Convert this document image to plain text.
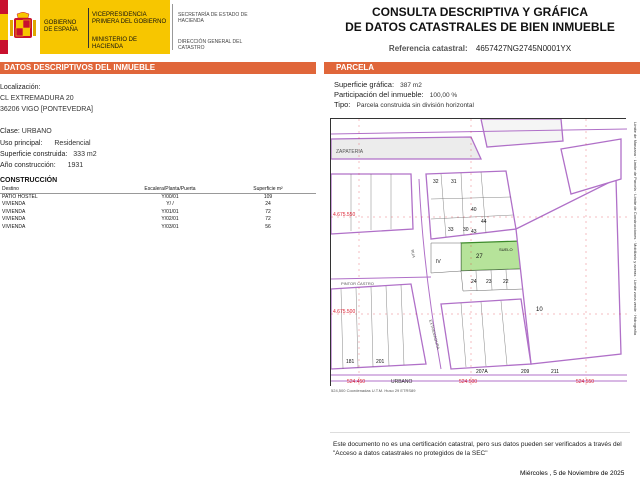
GOBIERNO DE ESPAÑA
VICEPRESIDENCIA PRIMERA DEL GOBIERNO
MINISTERIO DE HACIENDA
SECRETARÍA DE ESTADO DE HACIENDA
DIRECCIÓN GENERAL DEL CATASTRO
CONSULTA DESCRIPTIVA Y GRÁFICA
DE DATOS CATASTRALES DE BIEN INMUEBLE
Referencia catastral: 4657427NG2745N0001YX
DATOS DESCRIPTIVOS DEL INMUEBLE	PARCELA
Localización:
CL EXTREMADURA 20
36206 VIGO [PONTEVEDRA]
Clase: URBANO
Uso principal: Residencial
Superficie construida: 333 m2
Año construcción: 1931
CONSTRUCCIÓN
Destino	Escalera/Planta/Puerta	Superficie m²
PATIO HOSTEL	Y/00/01	109
VIVIENDA	Y/ /	24
VIVIENDA	Y/01/01	72
VIVIENDA	Y/02/01	72
VIVIENDA	Y/03/01	56
Superficie gráfica: 387 m2
Participación del inmueble: 100,00 %
Tipo: Parcela construida sin división horizontal
4.675.550
4.675.500
524.450	524.500	524.550
URBANO
32 31
40
44
43
33 30
IV
27
SUELO
24 23 22
10
181	201
207A	209	211
ZAPATERIA
EXTREMADURA
RUA
PINTOR CASTRO
Límite de Manzana · Límite de Parcela · Límite de Construcciones · Mobiliario y aceras · Límite zona verde · Hidrografía
524,500 Coordenadas U.T.M. Huso 29 ETRS89
Este documento no es una certificación catastral, pero sus datos pueden ser verificados a través del "Acceso a datos catastrales no protegidos de la SEC"
Miércoles , 5 de Noviembre de 2025
